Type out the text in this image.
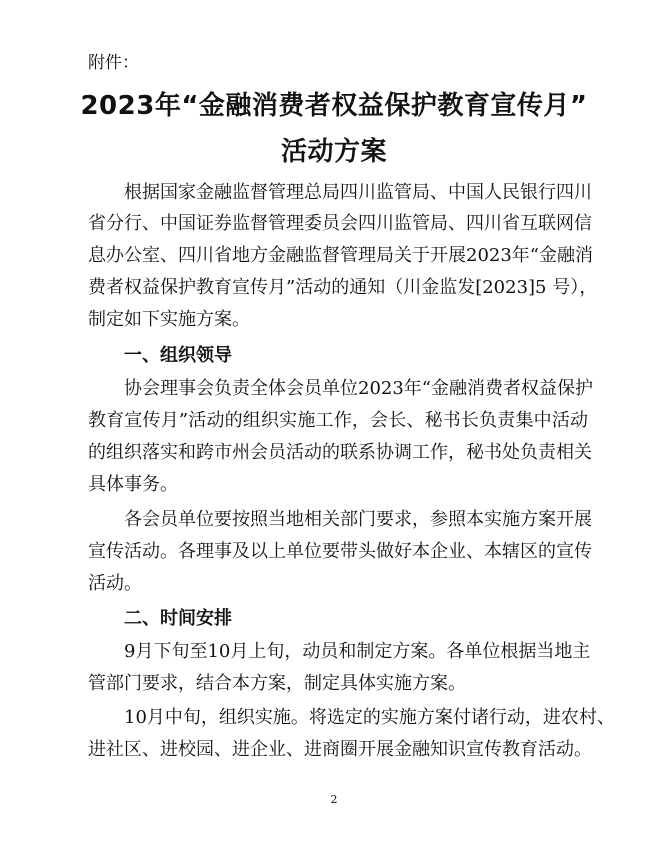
附件：
2023年“金融消费者权益保护教育宣传月”
活动方案
根据国家金融监督管理总局四川监管局、中国人民银行四川
省分行、中国证券监督管理委员会四川监管局、四川省互联网信
息办公室、四川省地方金融监督管理局关于开展2023年“金融消
费者权益保护教育宣传月”活动的通知（川金监发[2023]5 号），
制定如下实施方案。
一、组织领导
协会理事会负责全体会员单位2023年“金融消费者权益保护
教育宣传月”活动的组织实施工作，会长、秘书长负责集中活动
的组织落实和跨市州会员活动的联系协调工作，秘书处负责相关
具体事务。
各会员单位要按照当地相关部门要求，参照本实施方案开展
宣传活动。各理事及以上单位要带头做好本企业、本辖区的宣传
活动。
二、时间安排
9月下旬至10月上旬，动员和制定方案。各单位根据当地主
管部门要求，结合本方案，制定具体实施方案。
10月中旬，组织实施。将选定的实施方案付诸行动，进农村、
进社区、进校园、进企业、进商圈开展金融知识宣传教育活动。
2
